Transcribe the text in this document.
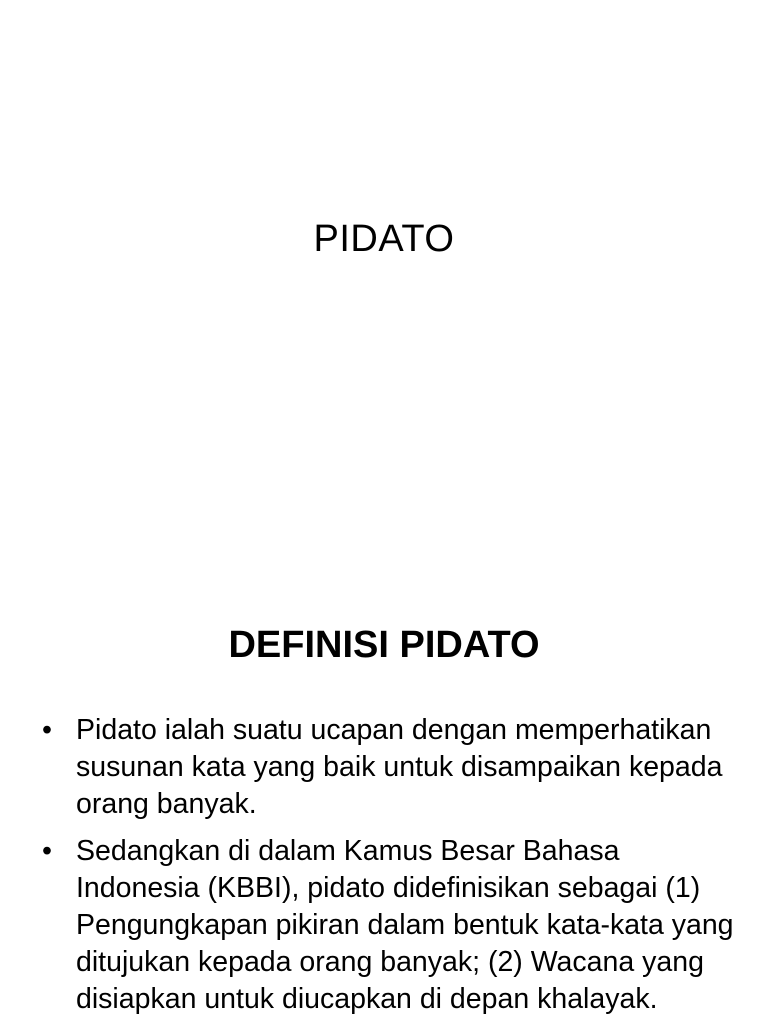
PIDATO
DEFINISI PIDATO
• Pidato ialah suatu ucapan dengan memperhatikan susunan kata yang baik untuk disampaikan kepada orang banyak.
• Sedangkan di dalam Kamus Besar Bahasa Indonesia (KBBI), pidato didefinisikan sebagai (1) Pengungkapan pikiran dalam bentuk kata-kata yang ditujukan kepada orang banyak; (2) Wacana yang disiapkan untuk diucapkan di depan khalayak.
